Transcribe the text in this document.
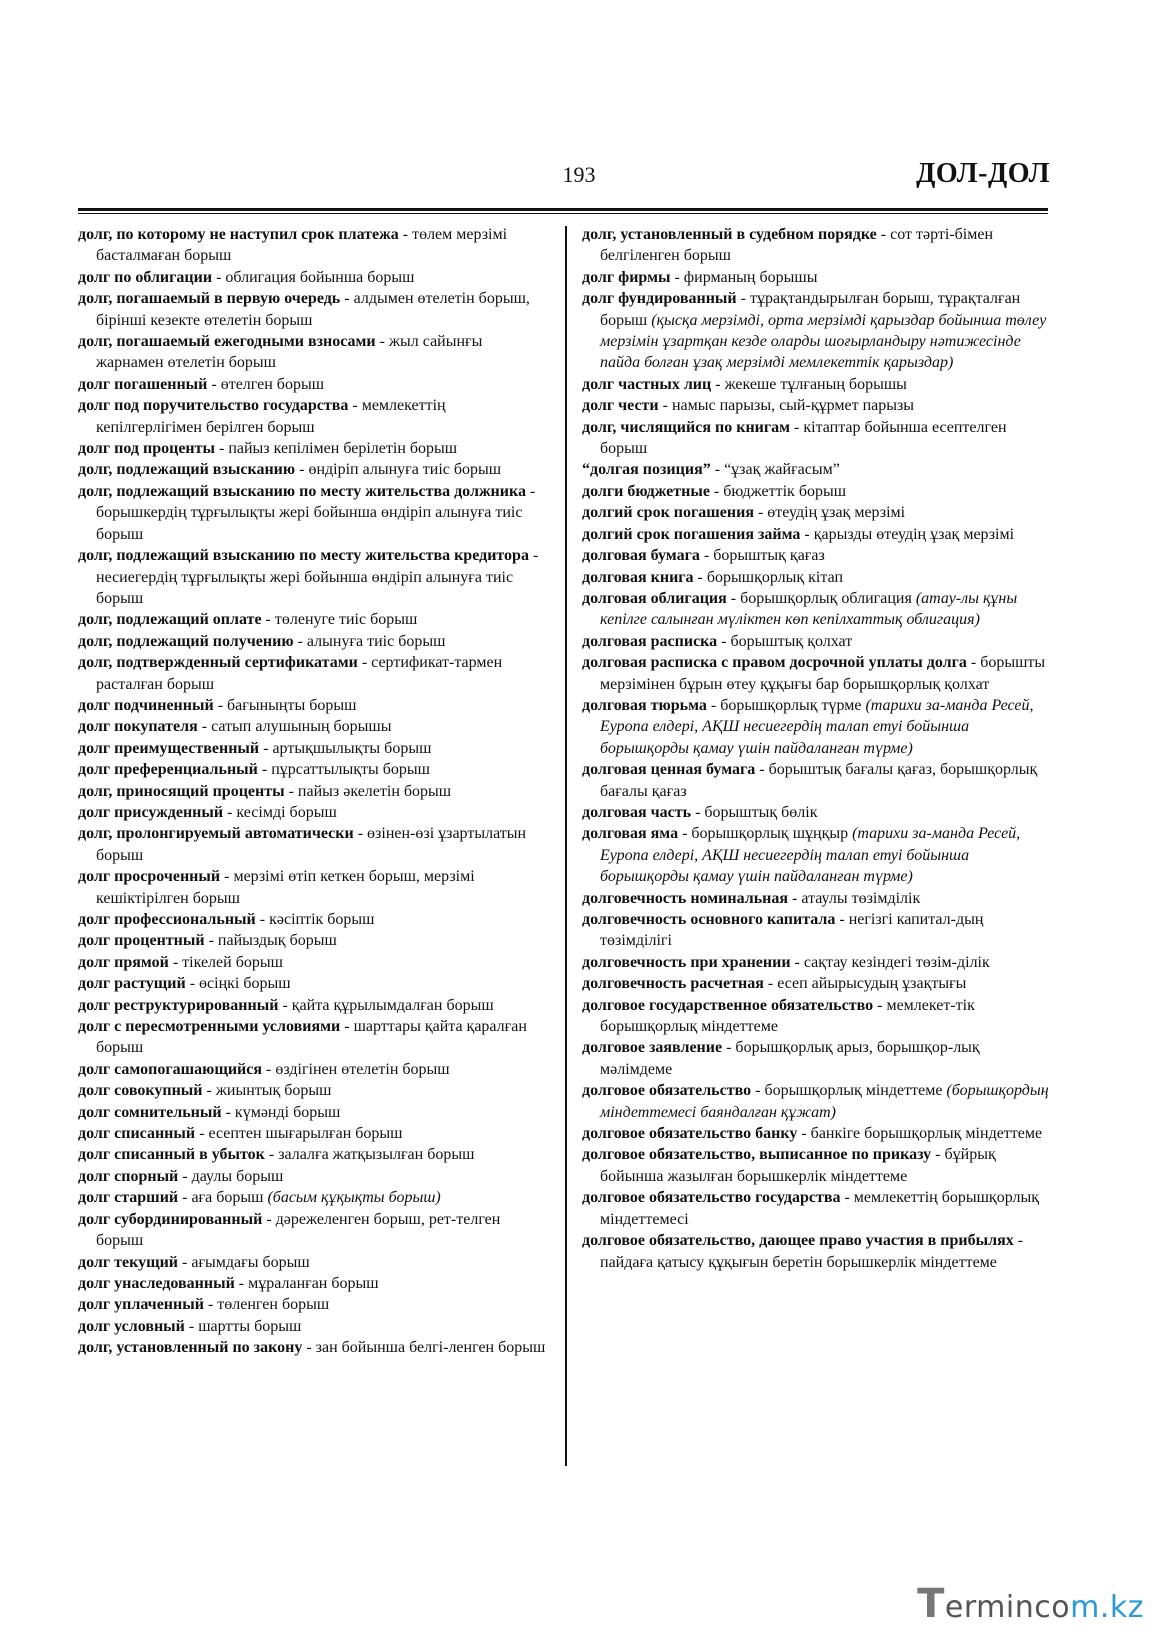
193	ДОЛ-ДОЛ

долг, по которому не наступил срок платежа - төлем мерзімі басталмаған борыш

долг по облигации - облигация бойынша борыш

долг, погашаемый в первую очередь - алдымен өтелетін борыш, бірінші кезекте өтелетін борыш

долг, погашаемый ежегодными взносами - жыл сайынғы жарнамен өтелетін борыш

долг погашенный - өтелген борыш

долг под поручительство государства - мемлекеттің кепілгерлігімен берілген борыш

долг под проценты - пайыз кепілімен берілетін борыш

долг, подлежащий взысканию - өндіріп алынуға тиіс борыш

долг, подлежащий взысканию по месту жительства должника - борышкердің тұрғылықты жері бойынша өндіріп алынуға тиіс борыш

долг, подлежащий взысканию по месту жительства кредитора - несиегердің тұрғылықты жері бойынша өндіріп алынуға тиіс борыш

долг, подлежащий оплате - төленуге тиіс борыш

долг, подлежащий получению - алынуға тиіс борыш

долг, подтвержденный сертификатами - сертификат-тармен расталған борыш

долг подчиненный - бағыныңты борыш

долг покупателя - сатып алушының борышы

долг преимущественный - артықшылықты борыш

долг преференциальный - пұрсаттылықты борыш

долг, приносящий проценты - пайыз әкелетін борыш

долг присужденный - кесімді борыш

долг, пролонгируемый автоматически - өзінен-өзі ұзартылатын борыш

долг просроченный - мерзімі өтіп кеткен борыш, мерзімі кешіктірілген борыш

долг профессиональный - кәсіптік борыш

долг процентный - пайыздық борыш

долг прямой - тікелей борыш

долг растущий - өсіңкі борыш

долг реструктурированный - қайта құрылымдалған борыш

долг с пересмотренными условиями - шарттары қайта қаралған борыш

долг самопогашающийся - өздігінен өтелетін борыш

долг совокупный - жиынтық борыш

долг сомнительный - күмәнді борыш

долг списанный - есептен шығарылған борыш

долг списанный в убыток - залалға жатқызылған борыш

долг спорный - даулы борыш

долг старший - аға борыш (басым құқықты борыш)

долг субординированный - дәрежеленген борыш, рет-телген борыш

долг текущий - ағымдағы борыш

долг унаследованный - мұраланған борыш

долг уплаченный - төленген борыш

долг условный - шартты борыш

долг, установленный по закону - зан бойынша белгі-ленген борыш

долг, установленный в судебном порядке - сот тәрті-бімен белгіленген борыш

долг фирмы - фирманың борышы

долг фундированный - тұрақтандырылған борыш, тұрақталған борыш (қысқа мерзімді, орта мерзімді қарыздар бойынша төлеу мерзімін ұзартқан кезде оларды шоғырландыру нәтижесінде пайда болған ұзақ мерзімді мемлекеттік қарыздар)

долг частных лиц - жекеше тұлғаның борышы

долг чести - намыс парызы, сый-құрмет парызы

долг, числящийся по книгам - кітаптар бойынша есептелген борыш

“долгая позиция” - “ұзақ жайғасым”

долги бюджетные - бюджеттік борыш

долгий срок погашения - өтеудің ұзақ мерзімі

долгий срок погашения займа - қарызды өтеудің ұзақ мерзімі

долговая бумага - борыштық қағаз

долговая книга - борышқорлық кітап

долговая облигация - борышқорлық облигация (атау-лы құны кепілге салынған мүліктен көп кепілхаттық облигация)

долговая расписка - борыштық қолхат

долговая расписка с правом досрочной уплаты долга - борышты мерзімінен бұрын өтеу құқығы бар борышқорлық қолхат

долговая тюрьма - борышқорлық түрме (тарихи за-манда Ресей, Еуропа елдері, АҚШ несиегердің талап етуі бойынша борышқорды қамау үшін пайдаланған түрме)

долговая ценная бумага - борыштық бағалы қағаз, борышқорлық бағалы қағаз

долговая часть - борыштық бөлік

долговая яма - борышқорлық шұңқыр (тарихи за-манда Ресей, Еуропа елдері, АҚШ несиегердің талап етуі бойынша борышқорды қамау үшін пайдаланған түрме)

долговечность номинальная - атаулы төзімділік

долговечность основного капитала - негізгі капитал-дың төзімділігі

долговечность при хранении - сақтау кезіндегі төзім-ділік

долговечность расчетная - есеп айырысудың ұзақтығы

долговое государственное обязательство - мемлекет-тік борышқорлық міндеттеме

долговое заявление - борышқорлық арыз, борышқор-лық мәлімдеме

долговое обязательство - борышқорлық міндеттеме (борышқордың міндеттемесі баяндалған құжат)

долговое обязательство банку - банкіге борышқорлық міндеттеме

долговое обязательство, выписанное по приказу - бұйрық бойынша жазылған борышкерлік міндеттеме

долговое обязательство государства - мемлекеттің борышқорлық міндеттемесі

долговое обязательство, дающее право участия в прибылях - пайдаға қатысу құқығын беретін борышкерлік міндеттеме

Termincоm.kz
